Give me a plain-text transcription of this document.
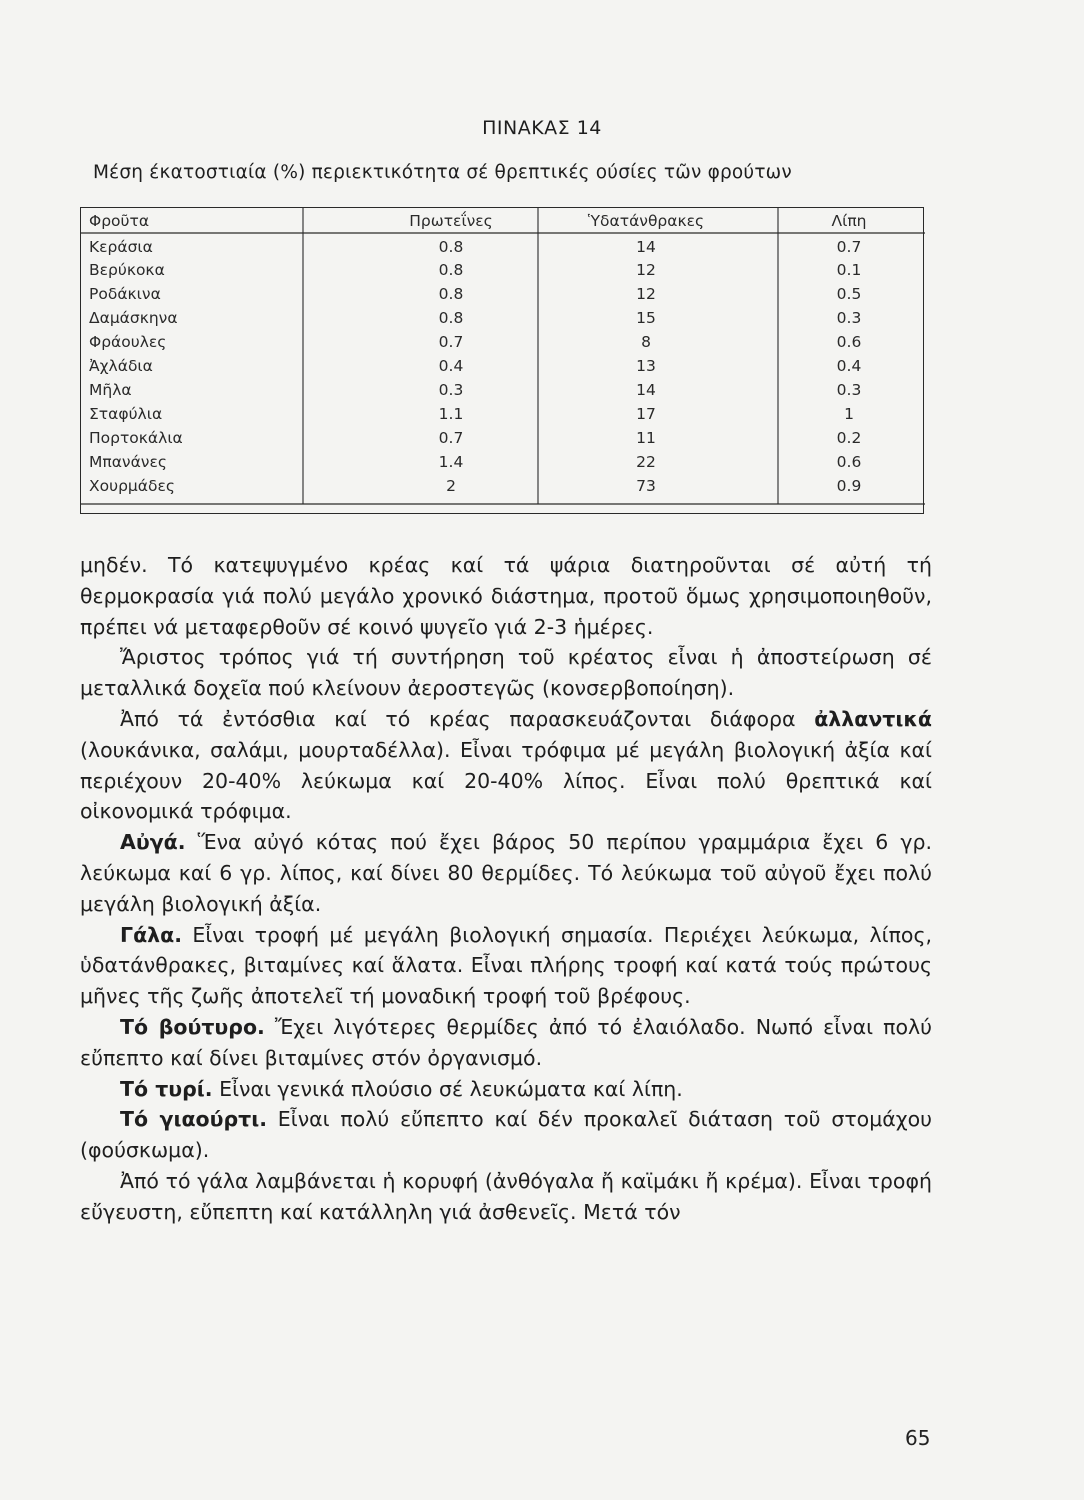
ΠΙΝΑΚΑΣ 14
Μέση έκατοστιαία (%) περιεκτικότητα σέ θρεπτικές ούσίες τῶν φρούτων
Φροῦτα	Πρωτεΐνες	Ὑδατάνθρακες	Λίπη
Κεράσια	0.8	14	0.7
Βερύκοκα	0.8	12	0.1
Ροδάκινα	0.8	12	0.5
Δαμάσκηνα	0.8	15	0.3
Φράουλες	0.7	8	0.6
Ἀχλάδια	0.4	13	0.4
Μῆλα	0.3	14	0.3
Σταφύλια	1.1	17	1
Πορτοκάλια	0.7	11	0.2
Μπανάνες	1.4	22	0.6
Χουρμάδες	2	73	0.9

μηδέν. Τό κατεψυγμένο κρέας καί τά ψάρια διατηροῦνται σέ αὐτή τή θερμοκρασία γιά πολύ μεγάλο χρονικό διάστημα, προτοῦ ὅμως χρησιμοποιηθοῦν, πρέπει νά μεταφερθοῦν σέ κοινό ψυγεῖο γιά 2-3 ἡμέρες.

Ἄριστος τρόπος γιά τή συντήρηση τοῦ κρέατος εἶναι ἡ ἀποστείρωση σέ μεταλλικά δοχεῖα πού κλείνουν ἀεροστεγῶς (κονσερβοποίηση).

Ἀπό τά ἐντόσθια καί τό κρέας παρασκευάζονται διάφορα ἀλλαντικά (λουκάνικα, σαλάμι, μουρταδέλλα). Εἶναι τρόφιμα μέ μεγάλη βιολογική ἀξία καί περιέχουν 20-40% λεύκωμα καί 20-40% λίπος. Εἶναι πολύ θρεπτικά καί οἰκονομικά τρόφιμα.

Αὐγά. Ἕνα αὐγό κότας πού ἔχει βάρος 50 περίπου γραμμάρια ἔχει 6 γρ. λεύκωμα καί 6 γρ. λίπος, καί δίνει 80 θερμίδες. Τό λεύκωμα τοῦ αὐγοῦ ἔχει πολύ μεγάλη βιολογική ἀξία.

Γάλα. Εἶναι τροφή μέ μεγάλη βιολογική σημασία. Περιέχει λεύκωμα, λίπος, ὑδατάνθρακες, βιταμίνες καί ἅλατα. Εἶναι πλήρης τροφή καί κατά τούς πρώτους μῆνες τῆς ζωῆς ἀποτελεῖ τή μοναδική τροφή τοῦ βρέφους.

Τό βούτυρο. Ἔχει λιγότερες θερμίδες ἀπό τό ἐλαιόλαδο. Νωπό εἶναι πολύ εὔπεπτο καί δίνει βιταμίνες στόν ὀργανισμό.

Τό τυρί. Εἶναι γενικά πλούσιο σέ λευκώματα καί λίπη.

Τό γιαούρτι. Εἶναι πολύ εὔπεπτο καί δέν προκαλεῖ διάταση τοῦ στομάχου (φούσκωμα).

Ἀπό τό γάλα λαμβάνεται ἡ κορυφή (ἀνθόγαλα ἤ καϊμάκι ἤ κρέμα). Εἶναι τροφή εὔγευστη, εὔπεπτη καί κατάλληλη γιά ἀσθενεῖς. Μετά τόν

65
